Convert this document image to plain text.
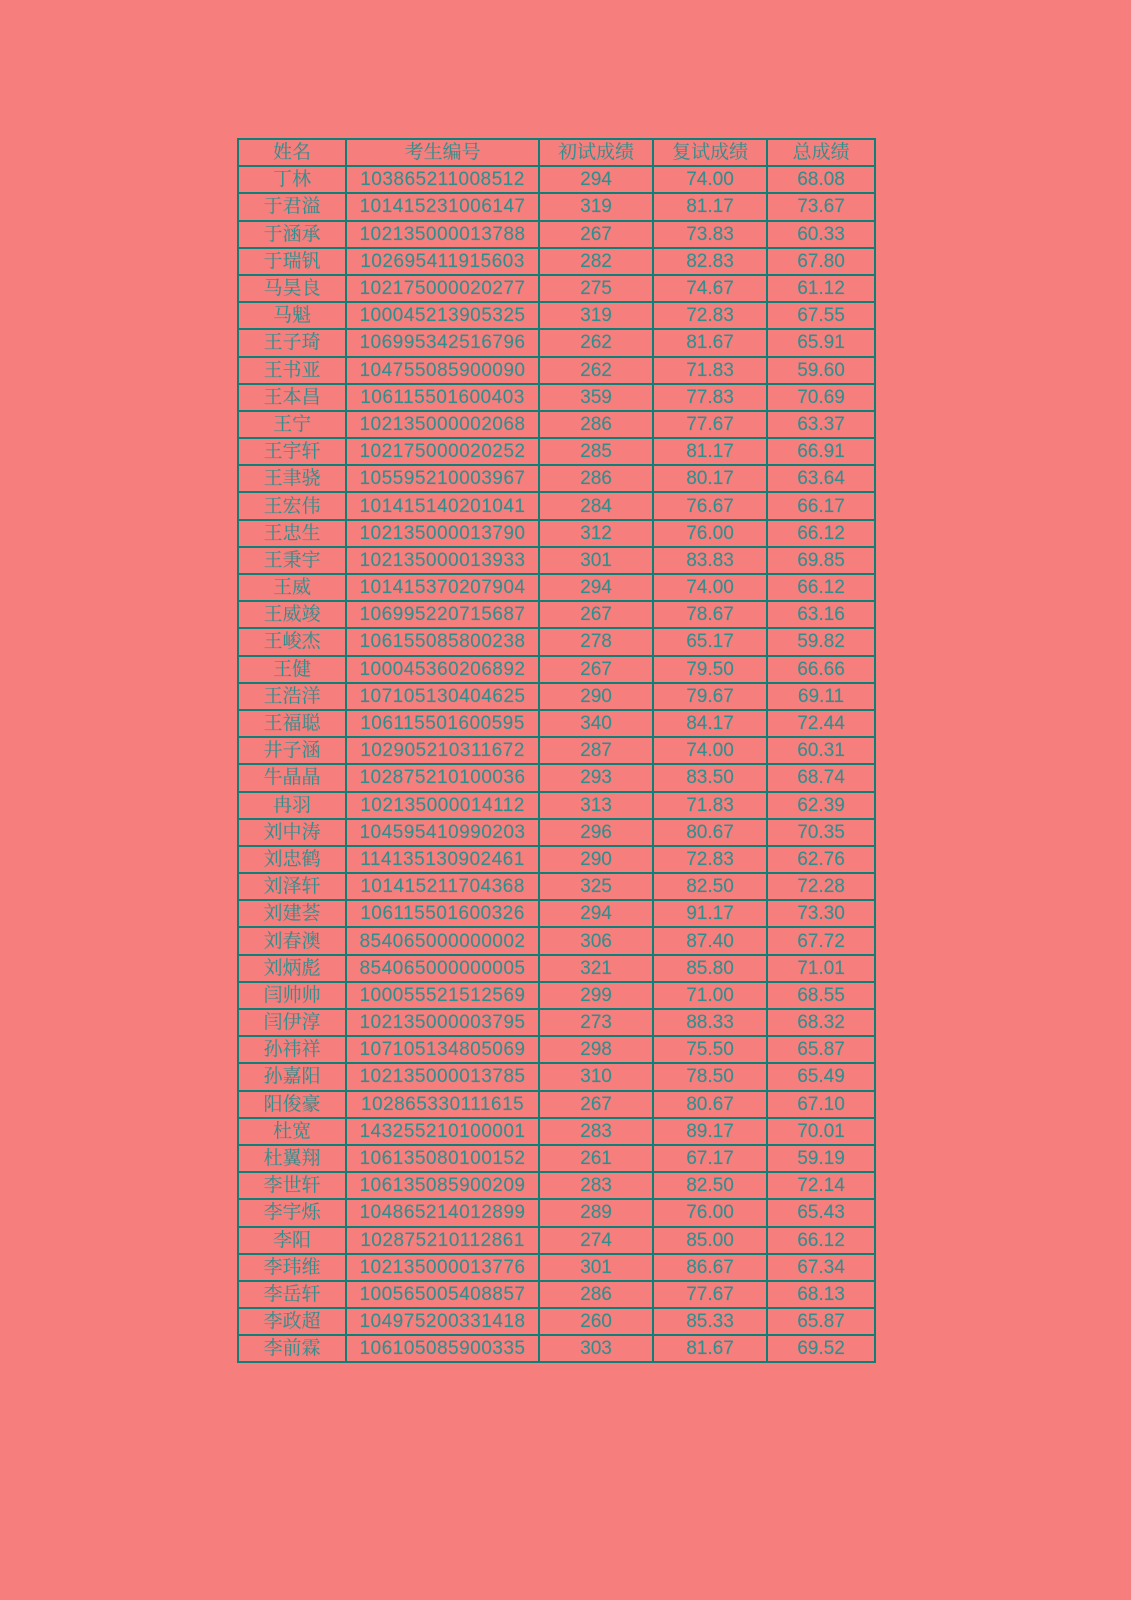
姓名	考生编号	初试成绩	复试成绩	总成绩
丁林	103865211008512	294	74.00	68.08
于君溢	101415231006147	319	81.17	73.67
于涵承	102135000013788	267	73.83	60.33
于瑞钒	102695411915603	282	82.83	67.80
马昊良	102175000020277	275	74.67	61.12
马魁	100045213905325	319	72.83	67.55
王子琦	106995342516796	262	81.67	65.91
王书亚	104755085900090	262	71.83	59.60
王本昌	106115501600403	359	77.83	70.69
王宁	102135000002068	286	77.67	63.37
王宇轩	102175000020252	285	81.17	66.91
王聿骁	105595210003967	286	80.17	63.64
王宏伟	101415140201041	284	76.67	66.17
王忠生	102135000013790	312	76.00	66.12
王秉宇	102135000013933	301	83.83	69.85
王威	101415370207904	294	74.00	66.12
王威竣	106995220715687	267	78.67	63.16
王峻杰	106155085800238	278	65.17	59.82
王健	100045360206892	267	79.50	66.66
王浩洋	107105130404625	290	79.67	69.11
王福聪	106115501600595	340	84.17	72.44
井子涵	102905210311672	287	74.00	60.31
牛晶晶	102875210100036	293	83.50	68.74
冉羽	102135000014112	313	71.83	62.39
刘中涛	104595410990203	296	80.67	70.35
刘忠鹤	114135130902461	290	72.83	62.76
刘泽轩	101415211704368	325	82.50	72.28
刘建荟	106115501600326	294	91.17	73.30
刘春澳	854065000000002	306	87.40	67.72
刘炳彪	854065000000005	321	85.80	71.01
闫帅帅	100055521512569	299	71.00	68.55
闫伊淳	102135000003795	273	88.33	68.32
孙祎祥	107105134805069	298	75.50	65.87
孙嘉阳	102135000013785	310	78.50	65.49
阳俊豪	102865330111615	267	80.67	67.10
杜宽	143255210100001	283	89.17	70.01
杜翼翔	106135080100152	261	67.17	59.19
李世轩	106135085900209	283	82.50	72.14
李宇烁	104865214012899	289	76.00	65.43
李阳	102875210112861	274	85.00	66.12
李玮维	102135000013776	301	86.67	67.34
李岳轩	100565005408857	286	77.67	68.13
李政超	104975200331418	260	85.33	65.87
李前霖	106105085900335	303	81.67	69.52
